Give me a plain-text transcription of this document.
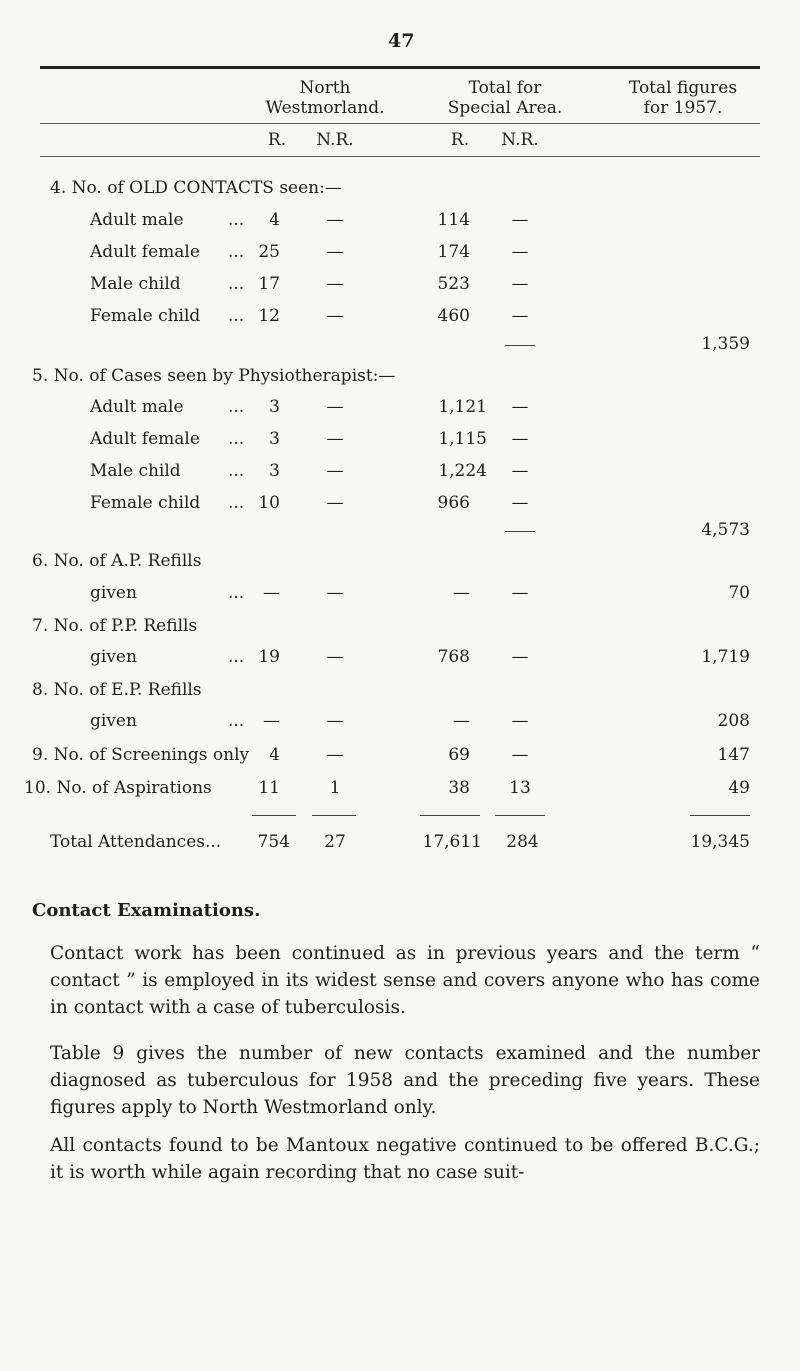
47
North
Westmorland.
Total for
Special Area.
Total figures
for 1957.
R.	N.R.	R.	N.R.
4. No. of OLD CONTACTS seen:—
Adult male	...	4	—	114	—
Adult female ... 25	—	174	—
Male child	... 17	—	523	—
Female child ... 12	—	460	—
1,359
5. No. of Cases seen by Physiotherapist:—
Adult male	...	3	—	1,121	—
Adult female ...	3	—	1,115	—
Male child	...	3	—	1,224	—
Female child ... 10	—	966	—
4,573
6. No. of A.P. Refills
given	...	—	—	—	—	70
7. No. of P.P. Refills
given	... 19	—	768	—	1,719
8. No. of E.P. Refills
given	...	—	—	—	—	208
9. No. of Screenings only	4	—	69	—	147
10. No. of Aspirations	11	1	38	13	49
Total Attendances...	754	27	17,611	284	19,345
Contact Examinations.
Contact work has been continued as in previous years and the term “ contact ” is employed in its widest sense and covers anyone who has come in contact with a case of tuberculosis.
Table 9 gives the number of new contacts examined and the number diagnosed as tuberculous for 1958 and the preceding five years. These figures apply to North Westmorland only.
All contacts found to be Mantoux negative continued to be offered B.C.G.; it is worth while again recording that no case suit-
